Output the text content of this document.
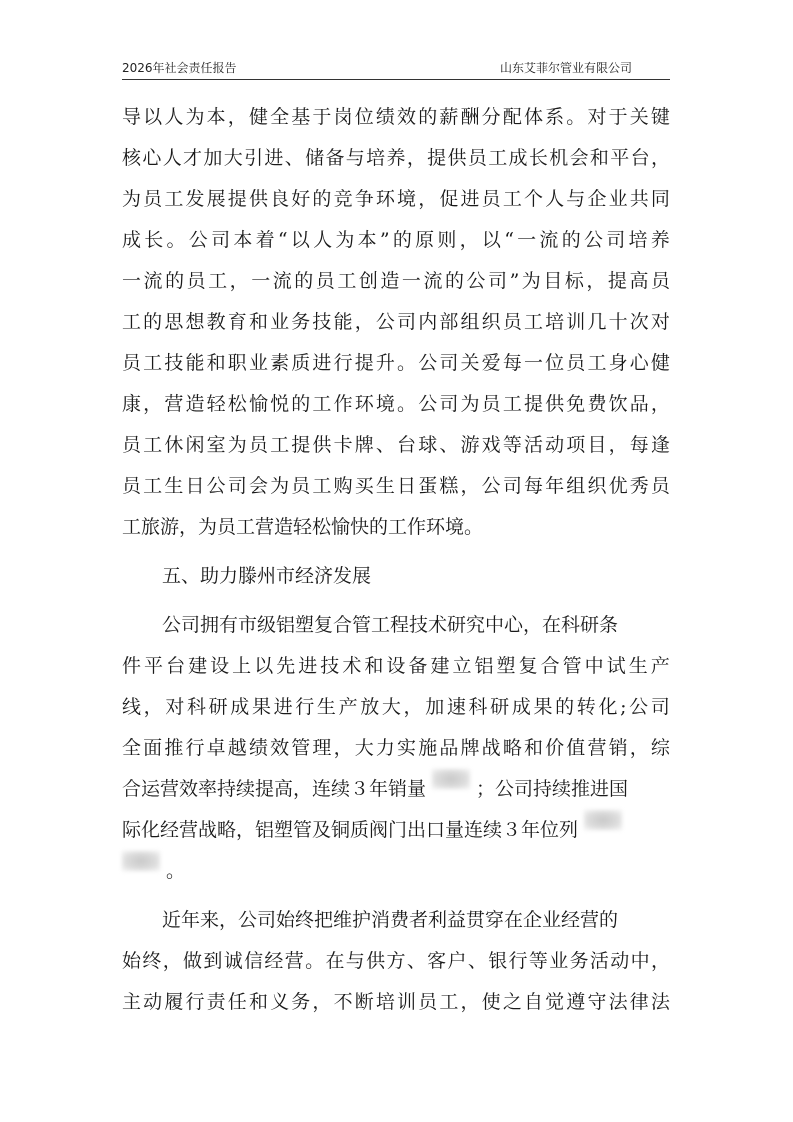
2026年社会责任报告	山东艾菲尔管业有限公司
导 以 人 为 本 ， 健 全 基 于 岗 位 绩 效 的 薪 酬 分 配 体 系 。 对 于 关 键
核 心 人 才 加 大 引 进 、 储 备 与 培 养 ， 提 供 员 工 成 长 机 会 和 平 台 ，
为 员 工 发 展 提 供 良 好 的 竞 争 环 境 ， 促 进 员 工 个 人 与 企 业 共 同
成 长 。 公 司 本 着 “ 以 人 为 本 ” 的 原 则 ， 以 “ 一 流 的 公 司 培 养
一 流 的 员 工 ， 一 流 的 员 工 创 造 一 流 的 公 司 ” 为 目 标 ， 提 高 员
工 的 思 想 教 育 和 业 务 技 能 ， 公 司 内 部 组 织 员 工 培 训 几 十 次 对
员 工 技 能 和 职 业 素 质 进 行 提 升 。 公 司 关 爱 每 一 位 员 工 身 心 健
康 ， 营 造 轻 松 愉 悦 的 工 作 环 境 。 公 司 为 员 工 提 供 免 费 饮 品 ，
员 工 休 闲 室 为 员 工 提 供 卡 牌 、 台 球 、 游 戏 等 活 动 项 目 ， 每 逢
员 工 生 日 公 司 会 为 员 工 购 买 生 日 蛋 糕 ， 公 司 每 年 组 织 优 秀 员
工旅游，为员工营造轻松愉快的工作环境。
五、助力滕州市经济发展
公司拥有市级铝塑复合管工程技术研究中心，在科研条
件 平 台 建 设 上 以 先 进 技 术 和 设 备 建 立 铝 塑 复 合 管 中 试 生 产
线 ， 对 科 研 成 果 进 行 生 产 放 大 ， 加 速 科 研 成 果 的 转 化 ; 公 司
全 面 推 行 卓 越 绩 效 管 理 ， 大 力 实 施 品 牌 战 略 和 价 值 营 销 ， 综
合运营效率持续提高，连续３年销量	；公司持续推进国
际化经营战略，铝塑管及铜质阀门出口量连续３年位列
。
近年来，公司始终把维护消费者利益贯穿在企业经营的
始 终 ， 做 到 诚 信 经 营 。 在 与 供 方 、 客 户 、 银 行 等 业 务 活 动 中 ，
主 动 履 行 责 任 和 义 务 ， 不 断 培 训 员 工 ， 使 之 自 觉 遵 守 法 律 法
